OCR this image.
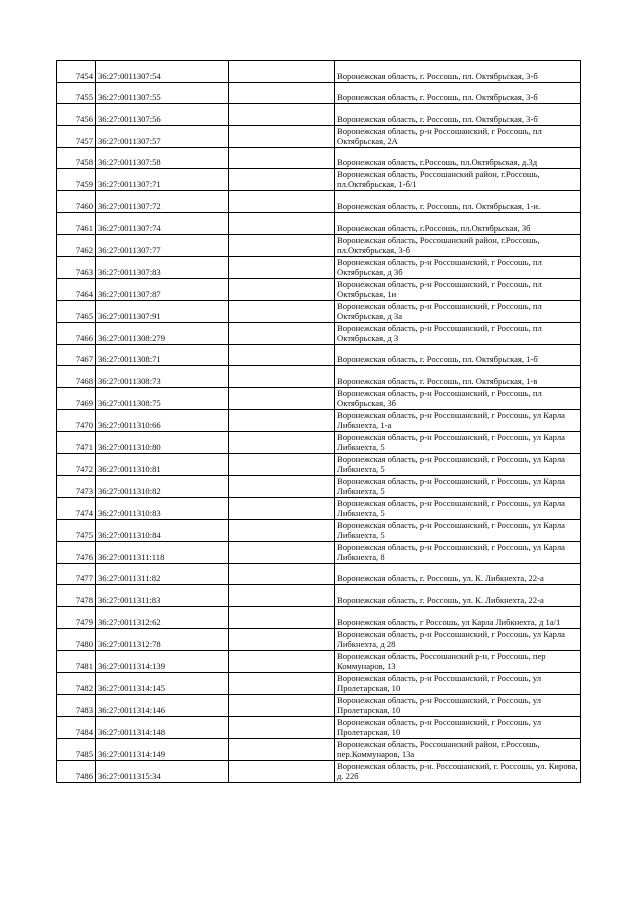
7454	36:27:0011307:54		Воронежская область, г. Россошь, пл. Октябрьская, 3-б
7455	36:27:0011307:55		Воронежская область, г. Россошь, пл. Октябрьская, 3-б
7456	36:27:0011307:56		Воронежская область, г. Россошь, пл. Октябрьская, 3-б
7457	36:27:0011307:57		Воронежская область, р-н Россошанский, г Россошь, пл Октябрьская, 2А
7458	36:27:0011307:58		Воронежская область, г.Россошь, пл.Октябрьская, д.3д
7459	36:27:0011307:71		Воронежская область, Россошанский район, г.Россошь, пл.Октябрьская, 1-б/1
7460	36:27:0011307:72		Воронежская область, г. Россошь, пл. Октябрьская, 1-и.
7461	36:27:0011307:74		Воронежская область, г.Россошь, пл.Октябрьская, 3б
7462	36:27:0011307:77		Воронежская область, Россошанский район, г.Россошь, пл.Октябрьская, 3-б
7463	36:27:0011307:83		Воронежская область, р-н Россошанский, г Россошь, пл Октябрьская, д 3б
7464	36:27:0011307:87		Воронежская область, р-н Россошанский, г Россошь, пл Октябрьская, 1и
7465	36:27:0011307:91		Воронежская область, р-н Россошанский, г Россошь, пл Октябрьская, д 3а
7466	36:27:0011308:279		Воронежская область, р-н Россошанский, г Россошь, пл Октябрьская, д 3
7467	36:27:0011308:71		Воронежская область, г. Россошь, пл. Октябрьская, 1-б
7468	36:27:0011308:73		Воронежская область, г. Россошь, пл. Октябрьская, 1-в
7469	36:27:0011308:75		Воронежская область, р-н Россошанский, г Россошь, пл Октябрьская, 3б
7470	36:27:0011310:66		Воронежская область, р-н Россошанский, г Россошь, ул Карла Либкнехта, 1-а
7471	36:27:0011310:80		Воронежская область, р-н Россошанский, г Россошь, ул Карла Либкнехта, 5
7472	36:27:0011310:81		Воронежская область, р-н Россошанский, г Россошь, ул Карла Либкнехта, 5
7473	36:27:0011310:82		Воронежская область, р-н Россошанский, г Россошь, ул Карла Либкнехта, 5
7474	36:27:0011310:83		Воронежская область, р-н Россошанский, г Россошь, ул Карла Либкнехта, 5
7475	36:27:0011310:84		Воронежская область, р-н Россошанский, г Россошь, ул Карла Либкнехта, 5
7476	36:27:0011311:118		Воронежская область, р-н Россошанский, г Россошь, ул Карла Либкнехта, 8
7477	36:27:0011311:82		Воронежская область, г. Россошь, ул. К. Либкнехта, 22-а
7478	36:27:0011311:83		Воронежская область, г. Россошь, ул. К. Либкнехта, 22-а
7479	36:27:0011312:62		Воронежская область, г Россошь, ул Карла Либкнехта, д 1а/1
7480	36:27:0011312:78		Воронежская область, р-н Россошанский, г Россошь, ул Карла Либкнехта, д 28
7481	36:27:0011314:139		Воронежская область, Россошанский р-н, г Россошь, пер Коммунаров, 13
7482	36:27:0011314:145		Воронежская область, р-н Россошанский, г Россошь, ул Пролетарская, 10
7483	36:27:0011314:146		Воронежская область, р-н Россошанский, г Россошь, ул Пролетарская, 10
7484	36:27:0011314:148		Воронежская область, р-н Россошанский, г Россошь, ул Пролетарская, 10
7485	36:27:0011314:149		Воронежская область, Россошанский район, г.Россошь, пер.Коммунаров, 13а
7486	36:27:0011315:34		Воронежская область, р-н. Россошанский, г. Россошь, ул. Кирова, д. 22б
